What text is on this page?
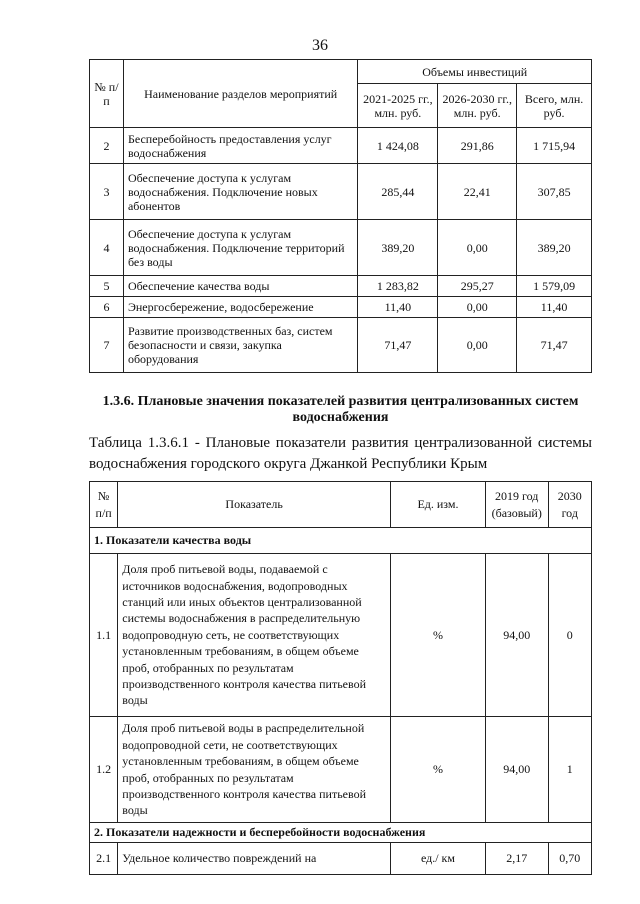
36
№ п/п	Наименование разделов мероприятий	Объемы инвестиций		
		2021-2025 гг., млн. руб.	2026-2030 гг., млн. руб.	Всего, млн. руб.
2	Бесперебойность предоставления услуг водоснабжения	1 424,08	291,86	1 715,94
3	Обеспечение доступа к услугам водоснабжения. Подключение новых абонентов	285,44	22,41	307,85
4	Обеспечение доступа к услугам водоснабжения. Подключение территорий без воды	389,20	0,00	389,20
5	Обеспечение качества воды	1 283,82	295,27	1 579,09
6	Энергосбережение, водосбережение	11,40	0,00	11,40
7	Развитие производственных баз, систем безопасности и связи, закупка оборудования	71,47	0,00	71,47
1.3.6. Плановые значения показателей развития централизованных систем водоснабжения
Таблица 1.3.6.1 - Плановые показатели развития централизованной системы водоснабжения городского округа Джанкой Республики Крым
№ п/п	Показатель	Ед. изм.	2019 год (базовый)	2030 год
1. Показатели качества воды				
1.1	Доля проб питьевой воды, подаваемой с источников водоснабжения, водопроводных станций или иных объектов централизованной системы водоснабжения в распределительную водопроводную сеть, не соответствующих установленным требованиям, в общем объеме проб, отобранных по результатам производственного контроля качества питьевой воды	%	94,00	0
1.2	Доля проб питьевой воды в распределительной водопроводной сети, не соответствующих установленным требованиям, в общем объеме проб, отобранных по результатам производственного контроля качества питьевой воды	%	94,00	1
2. Показатели надежности и бесперебойности водоснабжения				
2.1	Удельное количество повреждений на	ед./ км	2,17	0,70
